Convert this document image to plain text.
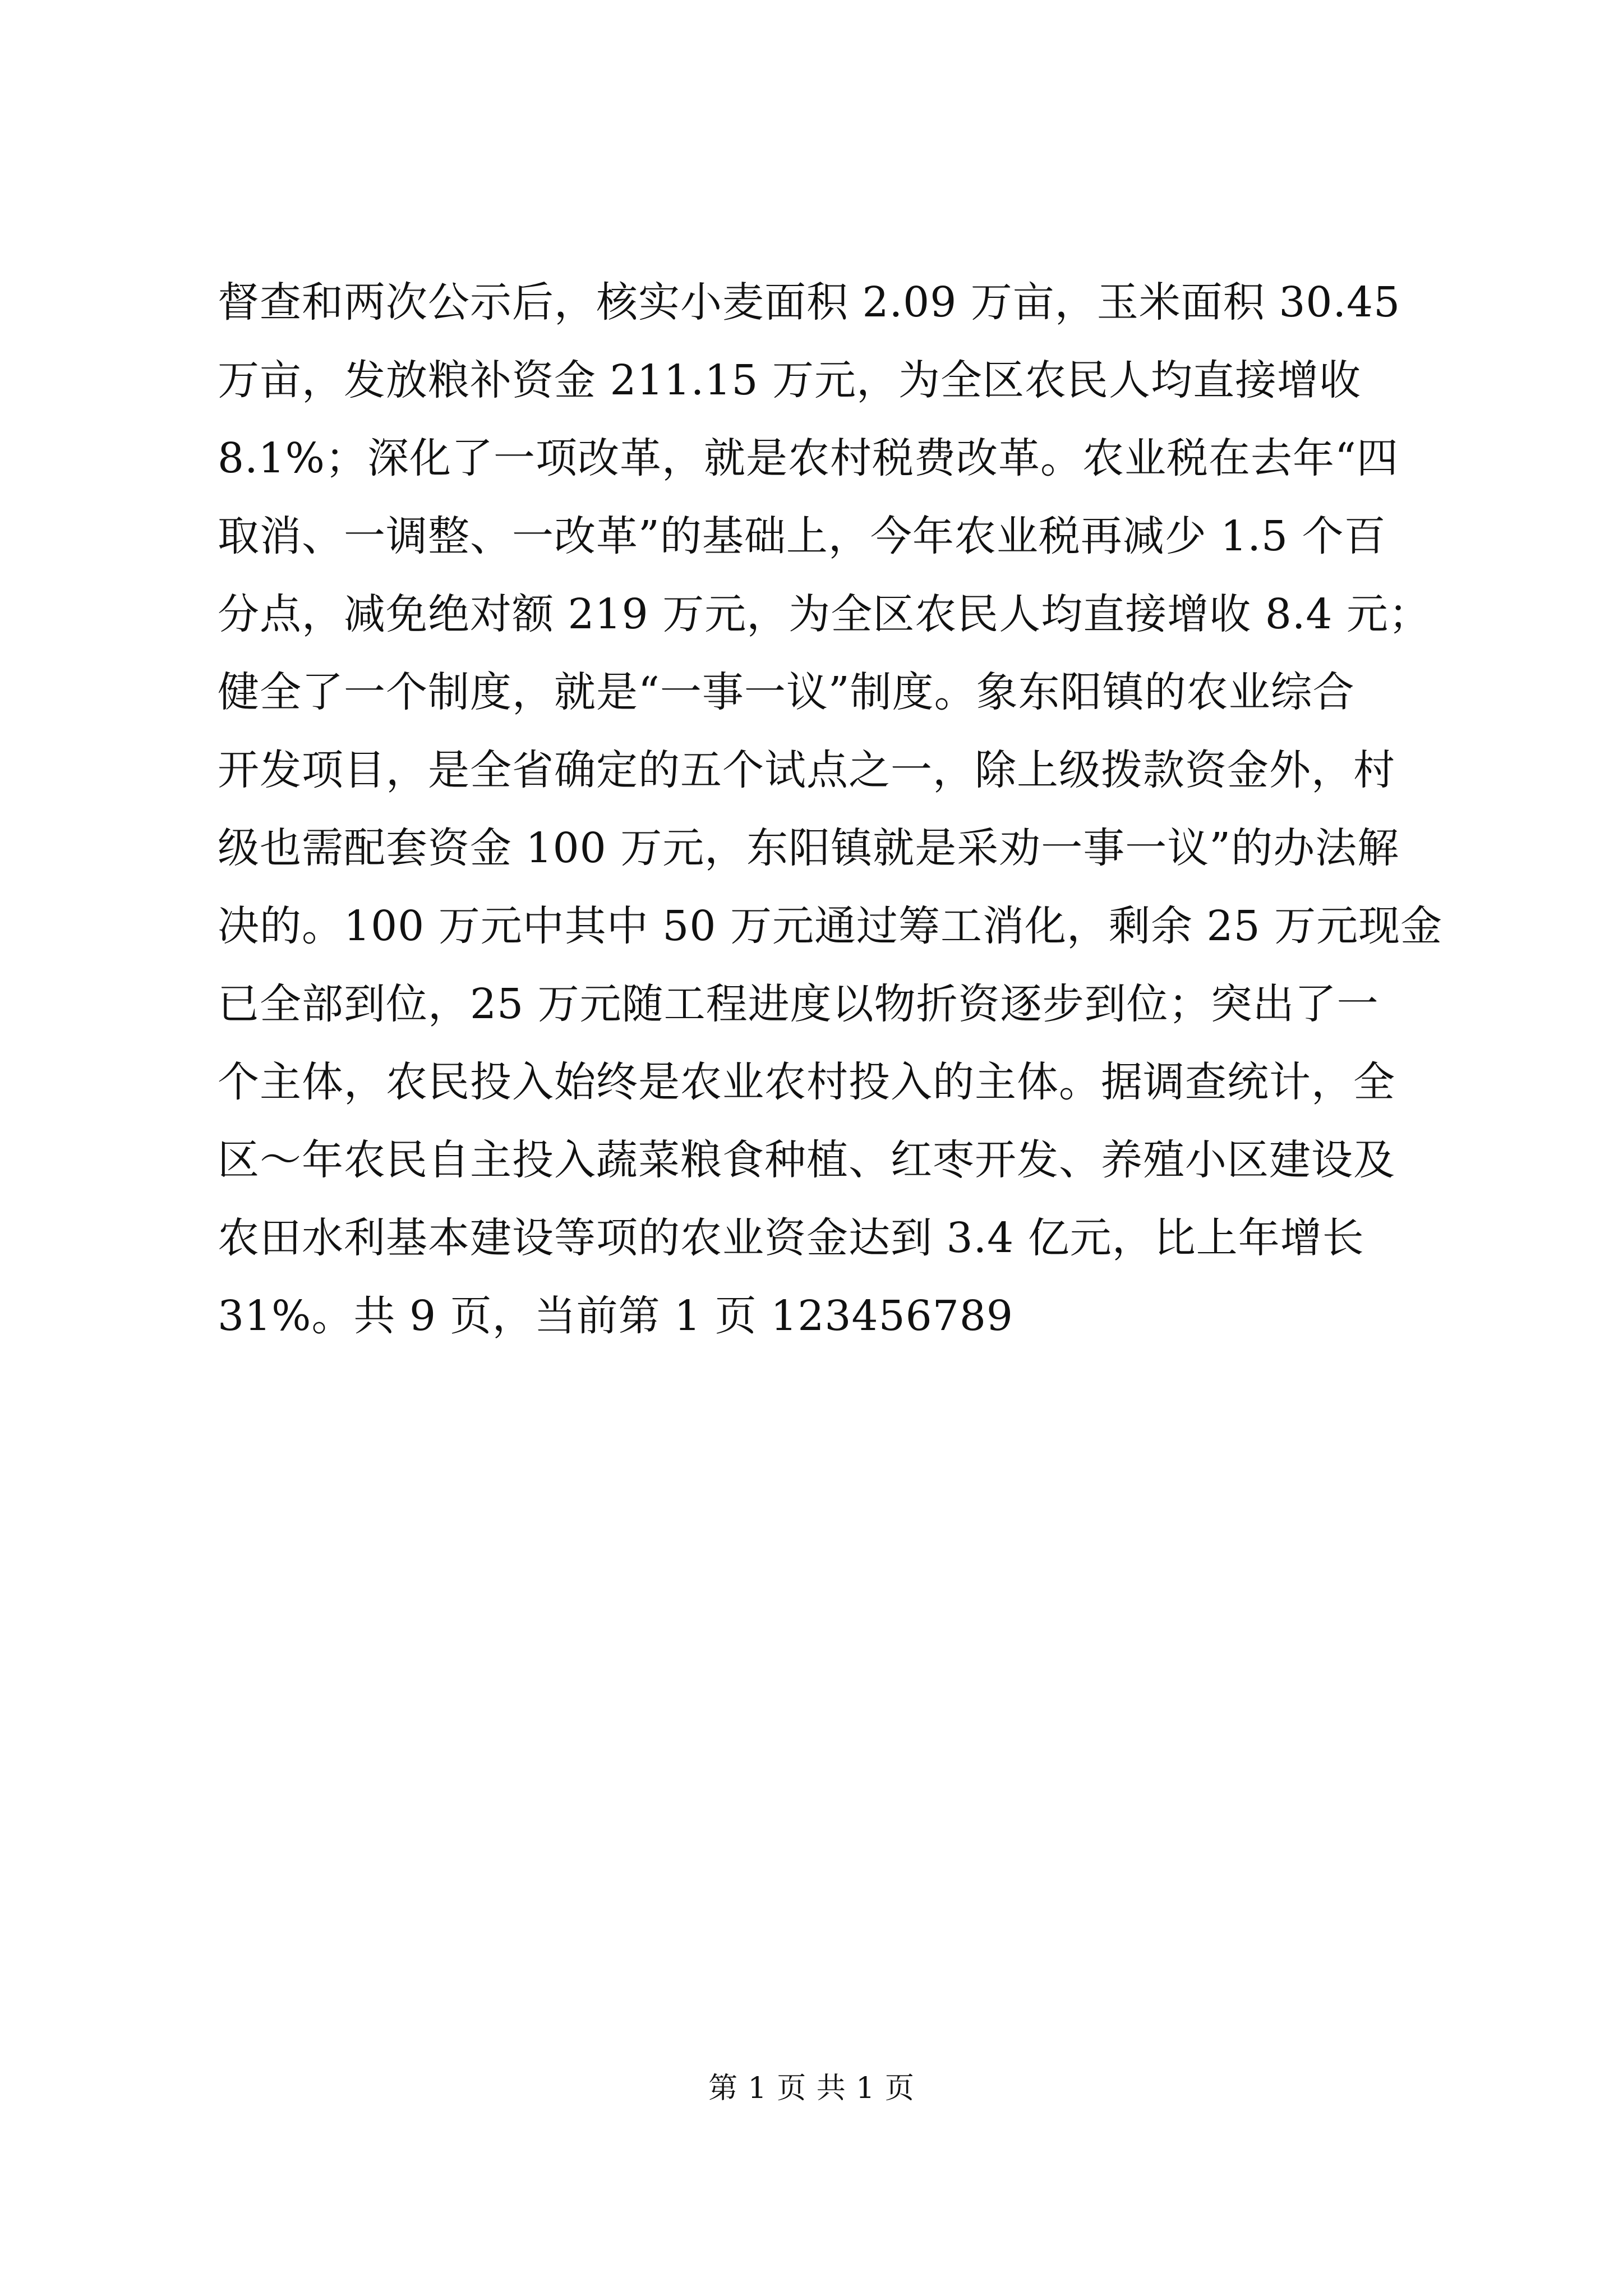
督查和两次公示后，核实小麦面积 2.09 万亩，玉米面积 30.45
万亩，发放粮补资金 211.15 万元，为全区农民人均直接增收
8.1%；深化了一项改革，就是农村税费改革。农业税在去年“四
取消、一调整、一改革”的基础上，今年农业税再减少 1.5 个百
分点，减免绝对额 219 万元，为全区农民人均直接增收 8.4 元；
健全了一个制度，就是“一事一议”制度。象东阳镇的农业综合
开发项目，是全省确定的五个试点之一，除上级拨款资金外，村
级也需配套资金 100 万元，东阳镇就是采劝一事一议”的办法解
决的。100 万元中其中 50 万元通过筹工消化，剩余 25 万元现金
已全部到位，25 万元随工程进度以物折资逐步到位；突出了一
个主体，农民投入始终是农业农村投入的主体。据调查统计，全
区～年农民自主投入蔬菜粮食种植、红枣开发、养殖小区建设及
农田水利基本建设等项的农业资金达到 3.4 亿元，比上年增长
31%。共 9 页，当前第 1 页 123456789
第 1 页 共 1 页
